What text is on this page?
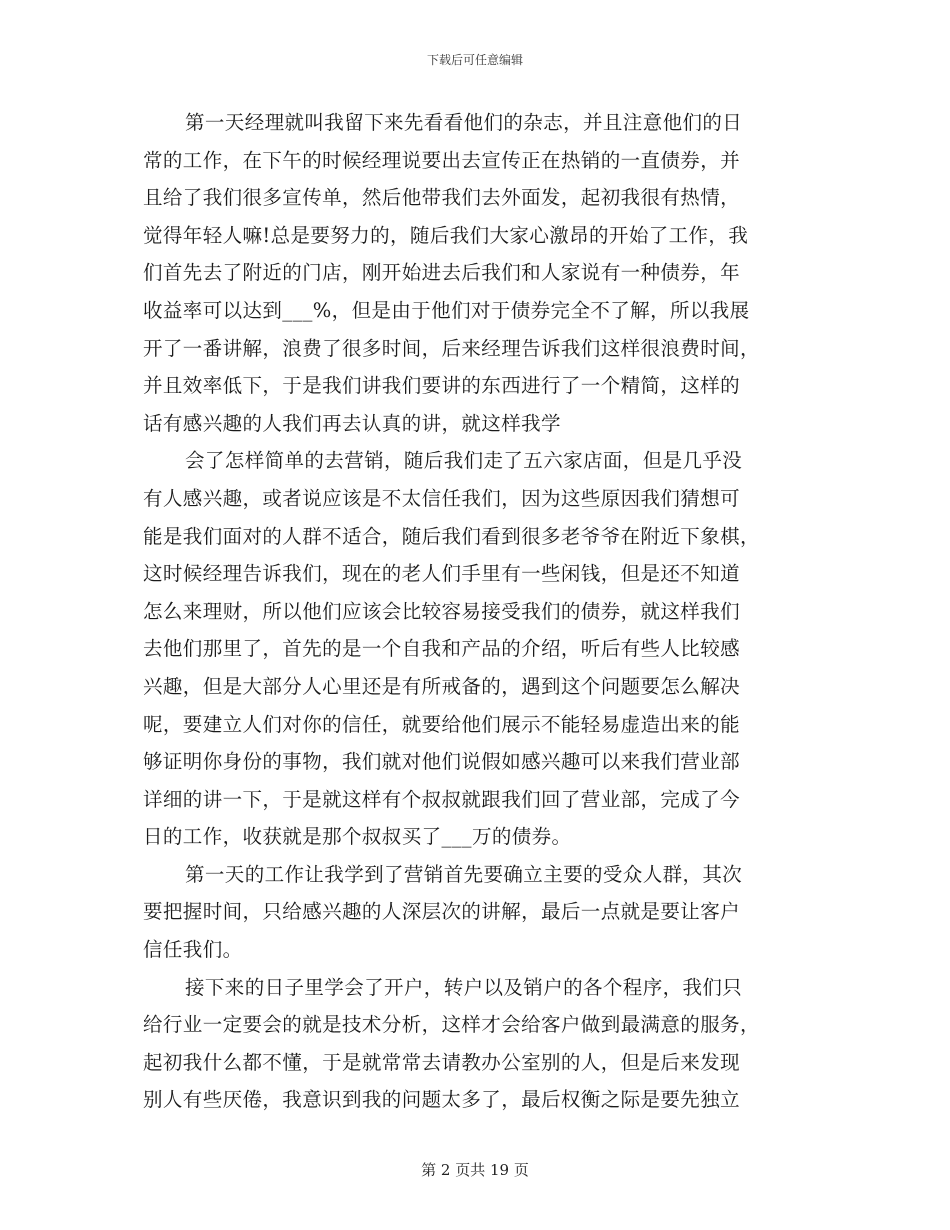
下载后可任意编辑
第一天经理就叫我留下来先看看他们的杂志，并且注意他们的日
常的工作，在下午的时候经理说要出去宣传正在热销的一直债券，并
且给了我们很多宣传单，然后他带我们去外面发，起初我很有热情，
觉得年轻人嘛!总是要努力的，随后我们大家心激昂的开始了工作，我
们首先去了附近的门店，刚开始进去后我们和人家说有一种债券，年
收益率可以达到___%，但是由于他们对于债券完全不了解，所以我展
开了一番讲解，浪费了很多时间，后来经理告诉我们这样很浪费时间，
并且效率低下，于是我们讲我们要讲的东西进行了一个精简，这样的
话有感兴趣的人我们再去认真的讲，就这样我学
会了怎样简单的去营销，随后我们走了五六家店面，但是几乎没
有人感兴趣，或者说应该是不太信任我们，因为这些原因我们猜想可
能是我们面对的人群不适合，随后我们看到很多老爷爷在附近下象棋，
这时候经理告诉我们，现在的老人们手里有一些闲钱，但是还不知道
怎么来理财，所以他们应该会比较容易接受我们的债券，就这样我们
去他们那里了，首先的是一个自我和产品的介绍，听后有些人比较感
兴趣，但是大部分人心里还是有所戒备的，遇到这个问题要怎么解决
呢，要建立人们对你的信任，就要给他们展示不能轻易虚造出来的能
够证明你身份的事物，我们就对他们说假如感兴趣可以来我们营业部
详细的讲一下，于是就这样有个叔叔就跟我们回了营业部，完成了今
日的工作，收获就是那个叔叔买了___万的债券。
第一天的工作让我学到了营销首先要确立主要的受众人群，其次
要把握时间，只给感兴趣的人深层次的讲解，最后一点就是要让客户
信任我们。
接下来的日子里学会了开户，转户以及销户的各个程序，我们只
给行业一定要会的就是技术分析，这样才会给客户做到最满意的服务，
起初我什么都不懂，于是就常常去请教办公室别的人，但是后来发现
别人有些厌倦，我意识到我的问题太多了，最后权衡之际是要先独立
第 2 页共 19 页
